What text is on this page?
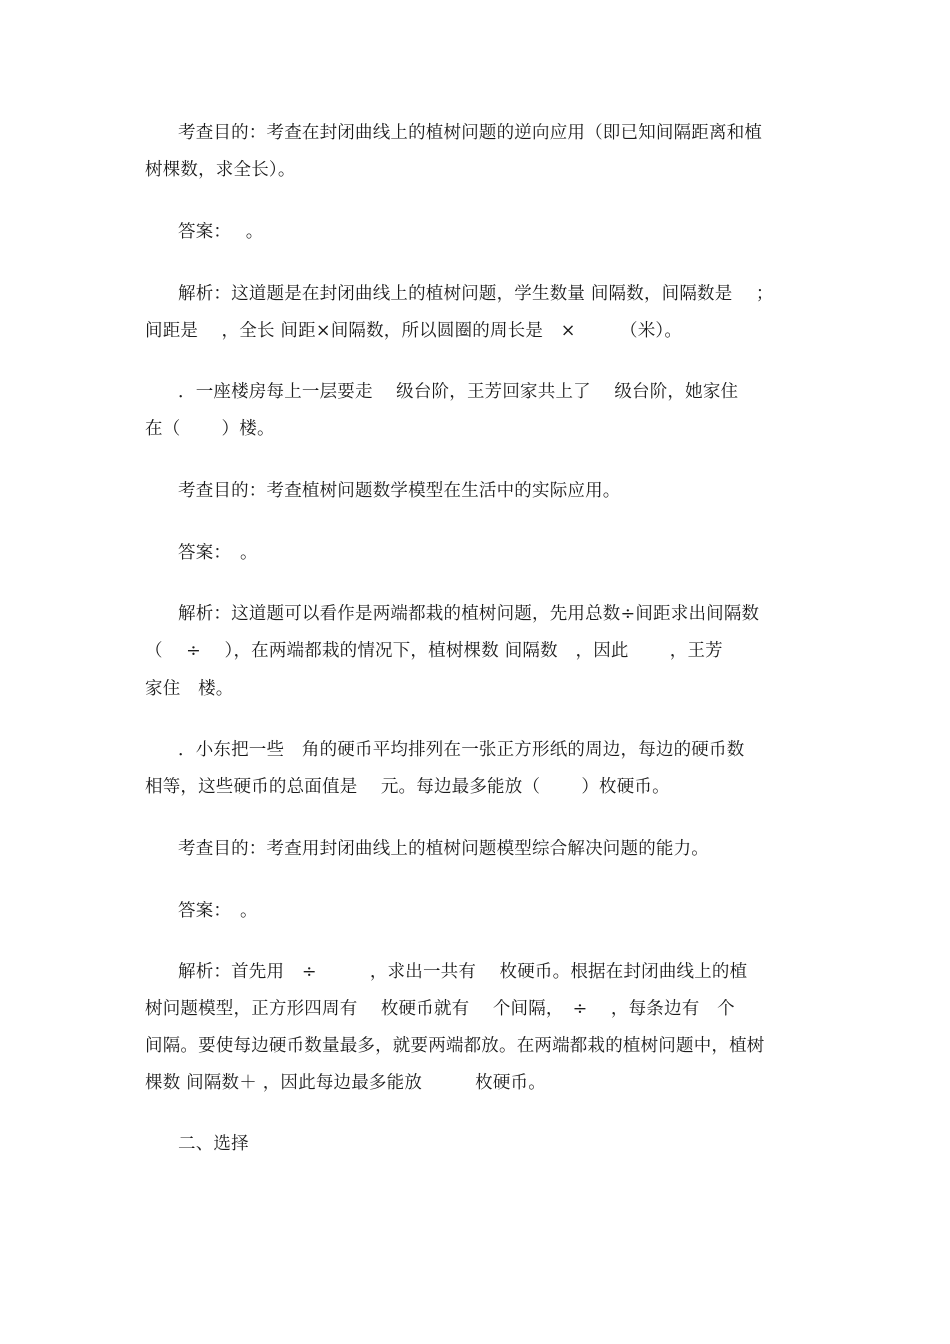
考查目的：考查在封闭曲线上的植树问题的逆向应用（即已知间隔距离和植
树棵数，求全长）。
答案：　 。
解析：这道题是在封闭曲线上的植树问题，学生数量 间隔数，间隔数是　 ；
间距是　 ，全长 间距×间隔数，所以圆圈的周长是　×　　　（米）。
．一座楼房每上一层要走　 级台阶，王芳回家共上了　 级台阶，她家住
在（　　 ）楼。
考查目的：考查植树问题数学模型在生活中的实际应用。
答案：　。
解析：这道题可以看作是两端都栽的植树问题，先用总数÷间距求出间隔数
（　 ÷　 ），在两端都栽的情况下，植树棵数 间隔数　，因此　　 ，王芳
家住　楼。
．小东把一些　角的硬币平均排列在一张正方形纸的周边，每边的硬币数
相等，这些硬币的总面值是　 元。每边最多能放（　　 ）枚硬币。
考查目的：考查用封闭曲线上的植树问题模型综合解决问题的能力。
答案：　。
解析：首先用　÷　　　，求出一共有　 枚硬币。根据在封闭曲线上的植
树问题模型，正方形四周有　 枚硬币就有　 个间隔，　÷　 ，每条边有　个
间隔。要使每边硬币数量最多，就要两端都放。在两端都栽的植树问题中，植树
棵数 间隔数＋ ，因此每边最多能放　　　枚硬币。
二、选择
